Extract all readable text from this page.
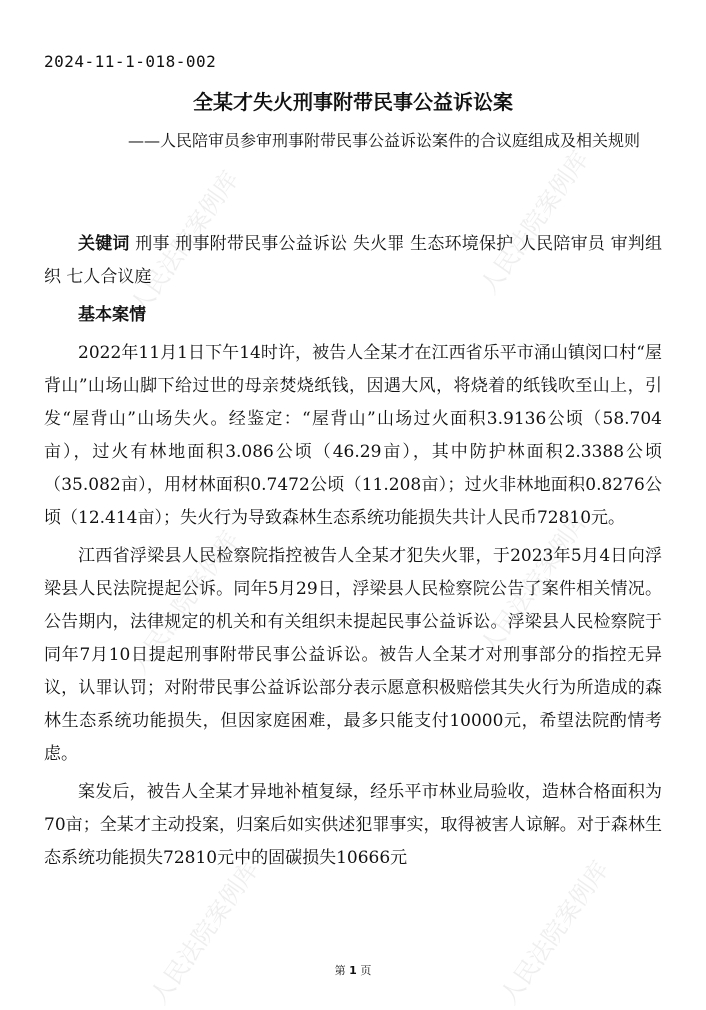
人民法院案例库	人民法院案例库
人民法院案例库	人民法院案例库
人民法院案例库	人民法院案例库
2024-11-1-018-002
全某才失火刑事附带民事公益诉讼案
——人民陪审员参审刑事附带民事公益诉讼案件的合议庭组成及相关规则

关键词 刑事 刑事附带民事公益诉讼 失火罪 生态环境保护 人民陪审员 审判组织 七人合议庭

基本案情

2022年11月1日下午14时许，被告人全某才在江西省乐平市涌山镇闵口村“屋背山”山场山脚下给过世的母亲焚烧纸钱，因遇大风，将烧着的纸钱吹至山上，引发“屋背山”山场失火。经鉴定：“屋背山”山场过火面积3.9136公顷（58.704亩），过火有林地面积3.086公顷（46.29亩），其中防护林面积2.3388公顷（35.082亩），用材林面积0.7472公顷（11.208亩）；过火非林地面积0.8276公顷（12.414亩）；失火行为导致森林生态系统功能损失共计人民币72810元。

江西省浮梁县人民检察院指控被告人全某才犯失火罪，于2023年5月4日向浮梁县人民法院提起公诉。同年5月29日，浮梁县人民检察院公告了案件相关情况。公告期内，法律规定的机关和有关组织未提起民事公益诉讼。浮梁县人民检察院于同年7月10日提起刑事附带民事公益诉讼。被告人全某才对刑事部分的指控无异议，认罪认罚；对附带民事公益诉讼部分表示愿意积极赔偿其失火行为所造成的森林生态系统功能损失，但因家庭困难，最多只能支付10000元，希望法院酌情考虑。

案发后，被告人全某才异地补植复绿，经乐平市林业局验收，造林合格面积为70亩；全某才主动投案，归案后如实供述犯罪事实，取得被害人谅解。对于森林生态系统功能损失72810元中的固碳损失10666元

第 1 页
